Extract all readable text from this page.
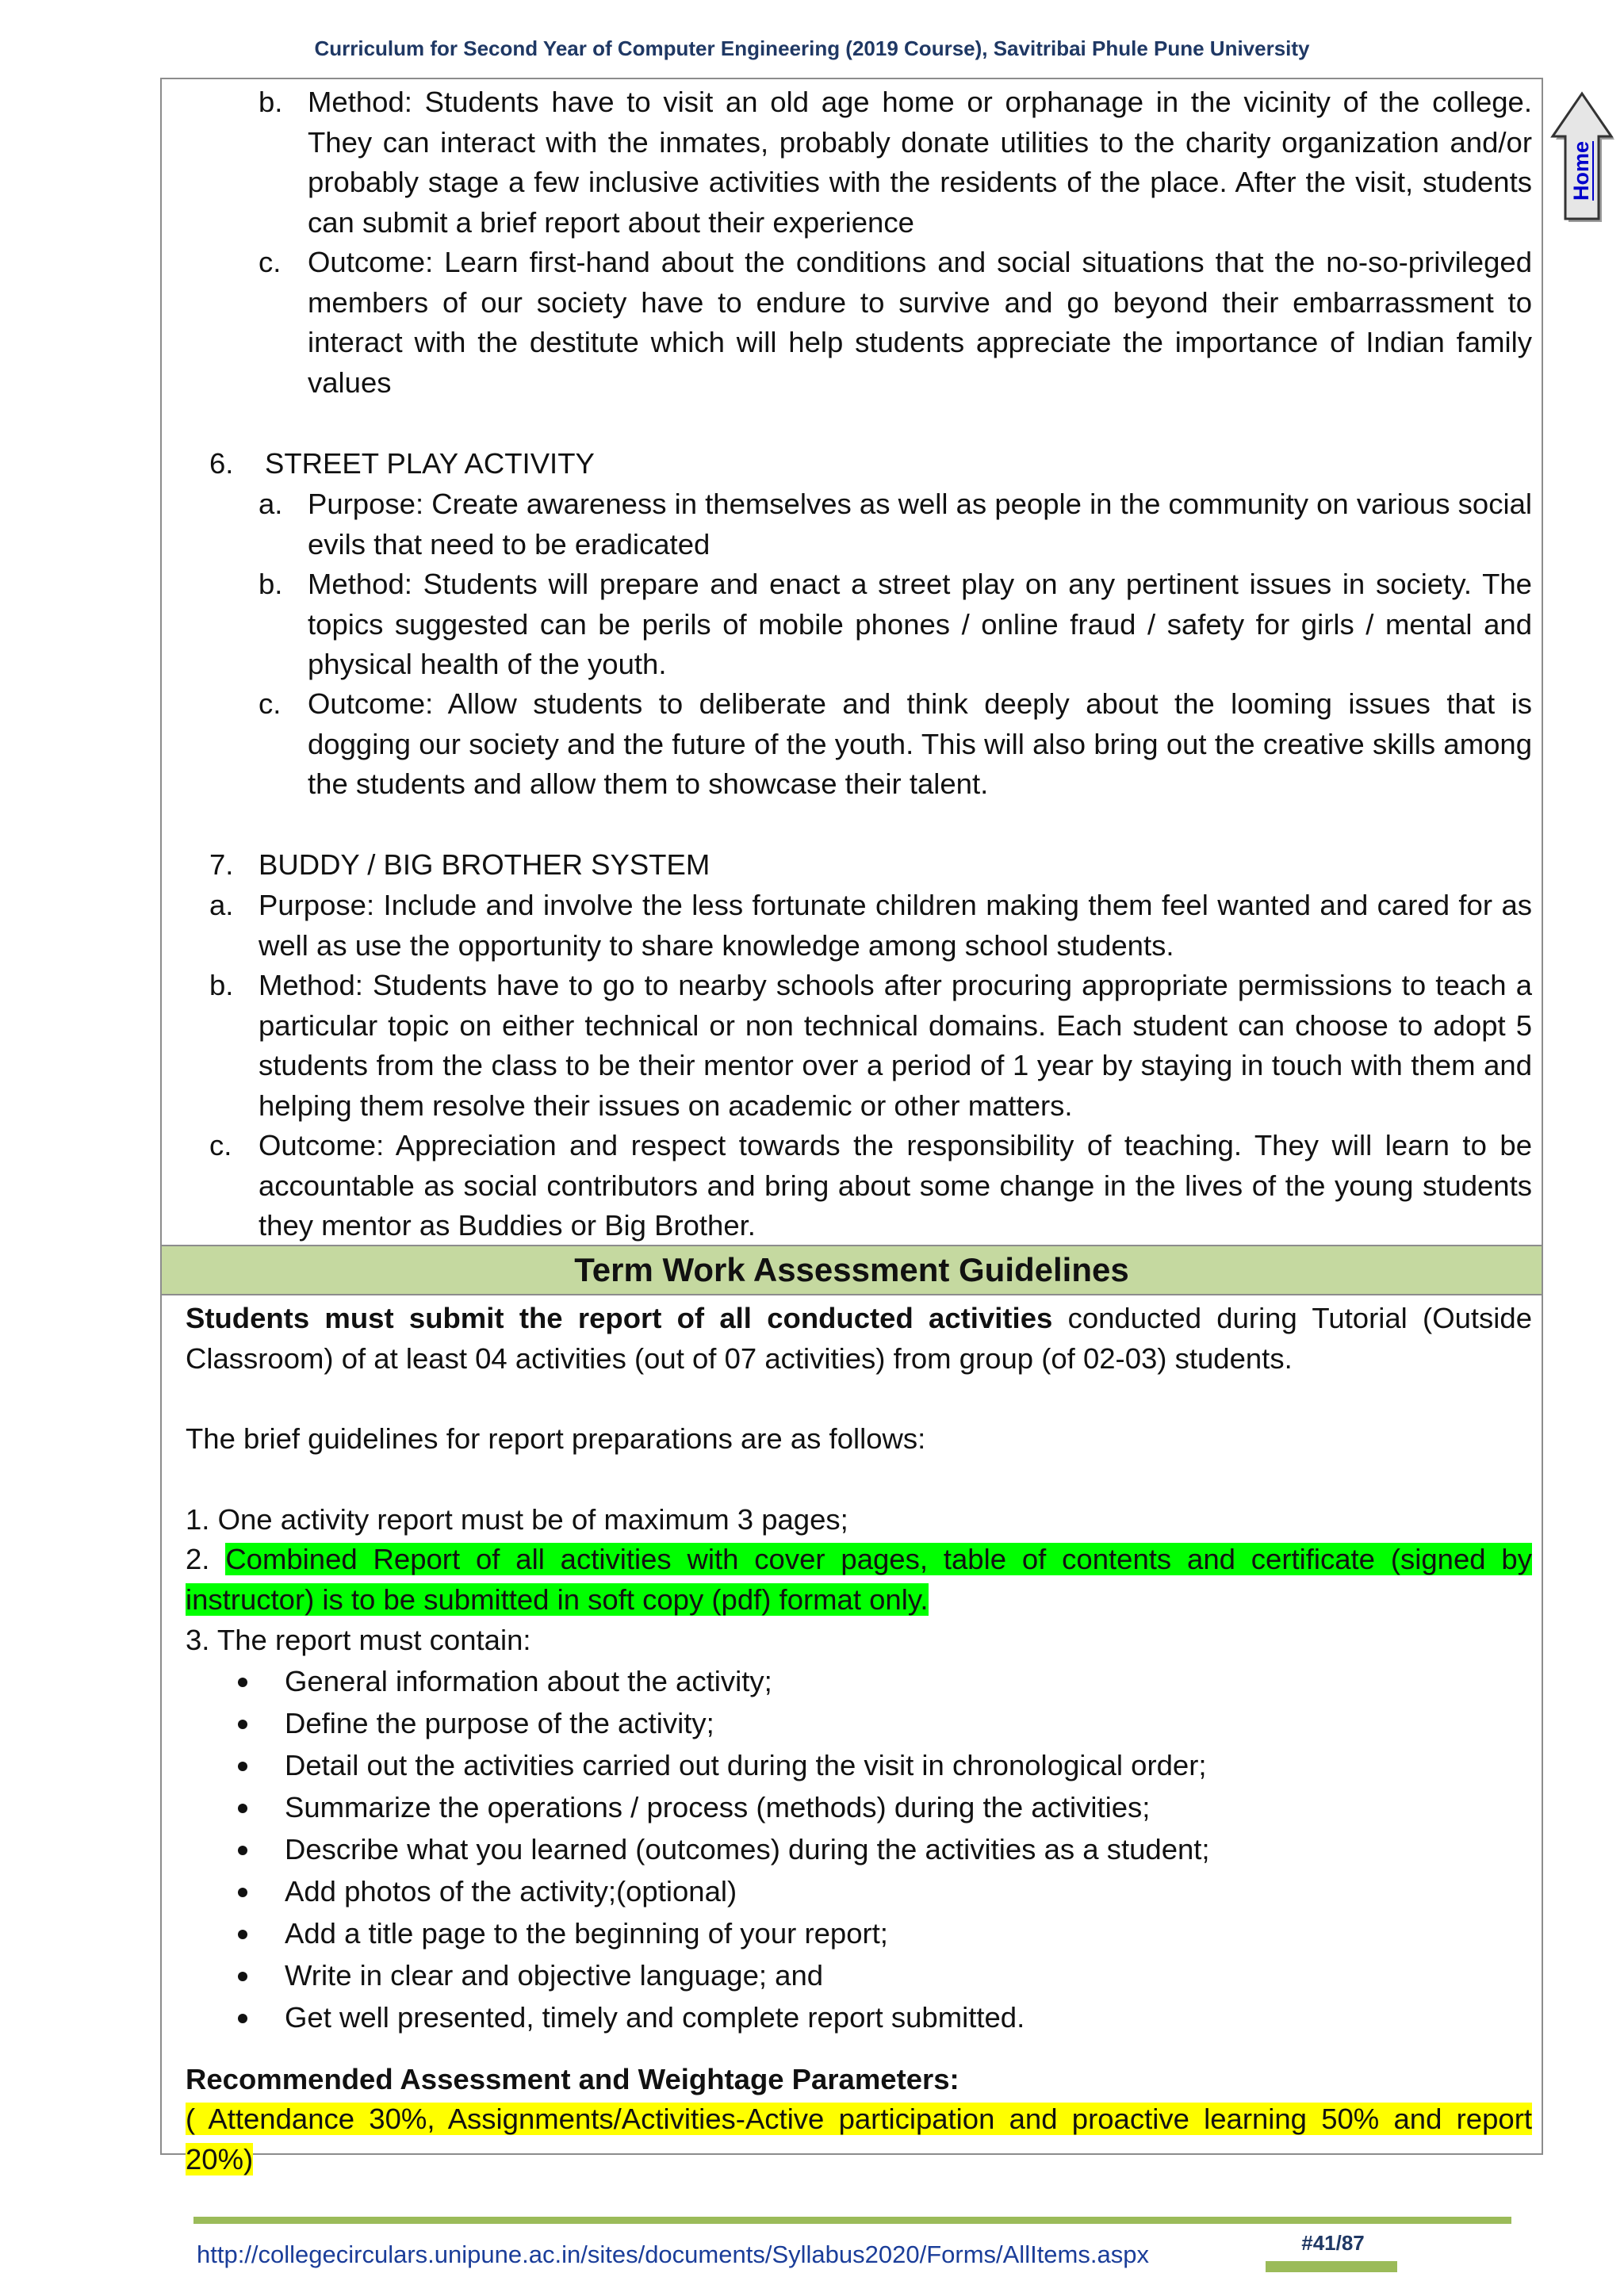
Curriculum for Second Year of Computer Engineering (2019 Course), Savitribai Phule Pune University
Home
b. Method: Students have to visit an old age home or orphanage in the vicinity of the college. They can interact with the inmates, probably donate utilities to the charity organization and/or probably stage a few inclusive activities with the residents of the place. After the visit, students can submit a brief report about their experience
c. Outcome: Learn first-hand about the conditions and social situations that the no-so-privileged members of our society have to endure to survive and go beyond their embarrassment to interact with the destitute which will help students appreciate the importance of Indian family values
6. STREET PLAY ACTIVITY
a. Purpose: Create awareness in themselves as well as people in the community on various social evils that need to be eradicated
b. Method: Students will prepare and enact a street play on any pertinent issues in society. The topics suggested can be perils of mobile phones / online fraud / safety for girls / mental and physical health of the youth.
c. Outcome: Allow students to deliberate and think deeply about the looming issues that is dogging our society and the future of the youth. This will also bring out the creative skills among the students and allow them to showcase their talent.
7. BUDDY / BIG BROTHER SYSTEM
a. Purpose: Include and involve the less fortunate children making them feel wanted and cared for as well as use the opportunity to share knowledge among school students.
b. Method: Students have to go to nearby schools after procuring appropriate permissions to teach a particular topic on either technical or non technical domains. Each student can choose to adopt 5 students from the class to be their mentor over a period of 1 year by staying in touch with them and helping them resolve their issues on academic or other matters.
c. Outcome: Appreciation and respect towards the responsibility of teaching. They will learn to be accountable as social contributors and bring about some change in the lives of the young students they mentor as Buddies or Big Brother.
Term Work Assessment Guidelines
Students must submit the report of all conducted activities conducted during Tutorial (Outside Classroom) of at least 04 activities (out of 07 activities) from group (of 02-03) students.
The brief guidelines for report preparations are as follows:
1. One activity report must be of maximum 3 pages;
2. Combined Report of all activities with cover pages, table of contents and certificate (signed by instructor) is to be submitted in soft copy (pdf) format only.
3. The report must contain:
General information about the activity;
Define the purpose of the activity;
Detail out the activities carried out during the visit in chronological order;
Summarize the operations / process (methods) during the activities;
Describe what you learned (outcomes) during the activities as a student;
Add photos of the activity;(optional)
Add a title page to the beginning of your report;
Write in clear and objective language; and
Get well presented, timely and complete report submitted.
Recommended Assessment and Weightage Parameters:
( Attendance 30%, Assignments/Activities-Active participation and proactive learning 50% and report 20%)
http://collegecirculars.unipune.ac.in/sites/documents/Syllabus2020/Forms/AllItems.aspx	#41/87
